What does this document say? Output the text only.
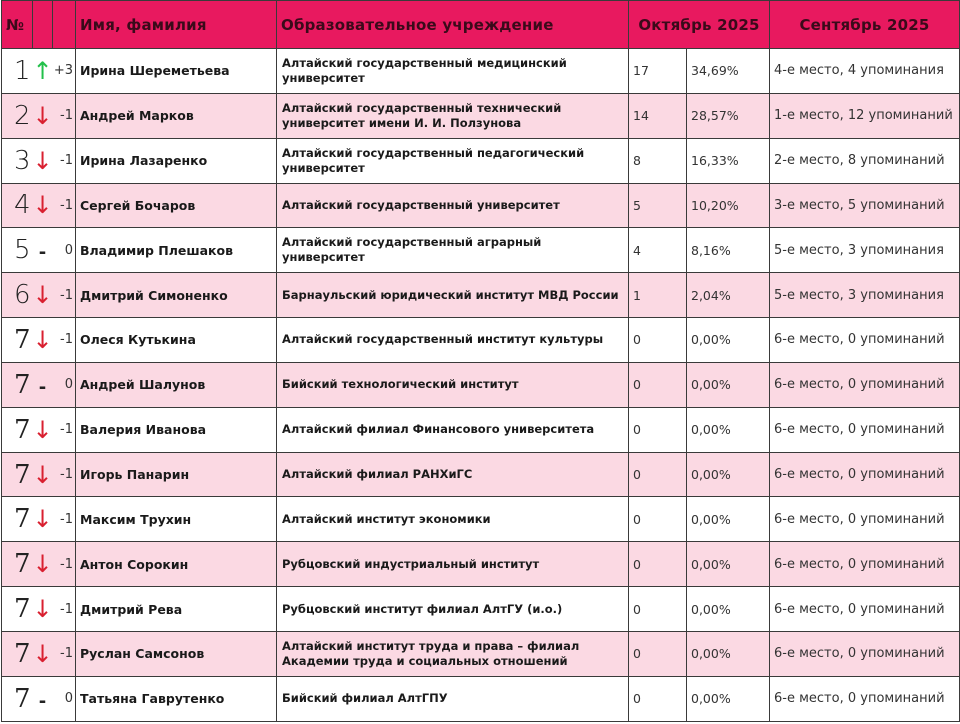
№			Имя, фамилия	Образовательное учреждение	Октябрь 2025		Сентябрь 2025
1	↑	+3	Ирина Шереметьева	Алтайский государственный медицинский университет	17	34,69%	4-е место, 4 упоминания
2	↓	-1	Андрей Марков	Алтайский государственный технический университет имени И. И. Ползунова	14	28,57%	1-е место, 12 упоминаний
3	↓	-1	Ирина Лазаренко	Алтайский государственный педагогический университет	8	16,33%	2-е место, 8 упоминаний
4	↓	-1	Сергей Бочаров	Алтайский государственный университет	5	10,20%	3-е место, 5 упоминаний
5	-	0	Владимир Плешаков	Алтайский государственный аграрный университет	4	8,16%	5-е место, 3 упоминания
6	↓	-1	Дмитрий Симоненко	Барнаульский юридический институт МВД России	1	2,04%	5-е место, 3 упоминания
7	↓	-1	Олеся Кутькина	Алтайский государственный институт культуры	0	0,00%	6-е место, 0 упоминаний
7	-	0	Андрей Шалунов	Бийский технологический институт	0	0,00%	6-е место, 0 упоминаний
7	↓	-1	Валерия Иванова	Алтайский филиал Финансового университета	0	0,00%	6-е место, 0 упоминаний
7	↓	-1	Игорь Панарин	Алтайский филиал РАНХиГС	0	0,00%	6-е место, 0 упоминаний
7	↓	-1	Максим Трухин	Алтайский институт экономики	0	0,00%	6-е место, 0 упоминаний
7	↓	-1	Антон Сорокин	Рубцовский индустриальный институт	0	0,00%	6-е место, 0 упоминаний
7	↓	-1	Дмитрий Рева	Рубцовский институт филиал АлтГУ (и.о.)	0	0,00%	6-е место, 0 упоминаний
7	↓	-1	Руслан Самсонов	Алтайский институт труда и права – филиал Академии труда и социальных отношений	0	0,00%	6-е место, 0 упоминаний
7	-	0	Татьяна Гаврутенко	Бийский филиал АлтГПУ	0	0,00%	6-е место, 0 упоминаний
